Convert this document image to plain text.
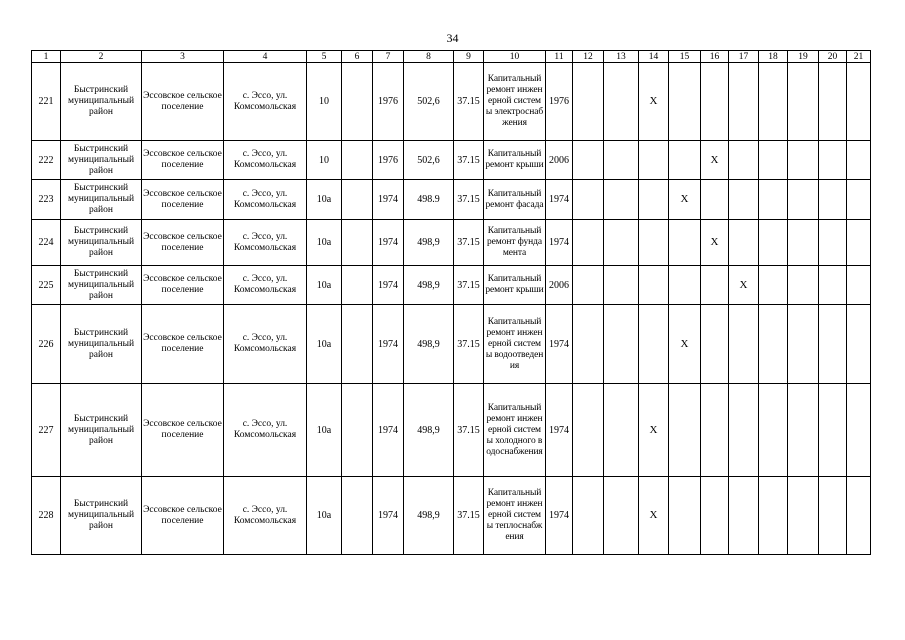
34
1	2	3	4	5	6	7	8	9	10	11	12	13	14	15	16	17	18	19	20	21
221	Быстринский муниципальный район	Эссовское сельское поселение	с. Эссо, ул. Комсомольская	10		1976	502,6	37.15	Капитальный ремонт инженерной системы электроснабжения	1976			X							
222	Быстринский муниципальный район	Эссовское сельское поселение	с. Эссо, ул. Комсомольская	10		1976	502,6	37.15	Капитальный ремонт крыши	2006					X					
223	Быстринский муниципальный район	Эссовское сельское поселение	с. Эссо, ул. Комсомольская	10а		1974	498.9	37.15	Капитальный ремонт фасада	1974				X						
224	Быстринский муниципальный район	Эссовское сельское поселение	с. Эссо, ул. Комсомольская	10а		1974	498,9	37.15	Капитальный ремонт фундамента	1974					X					
225	Быстринский муниципальный район	Эссовское сельское поселение	с. Эссо, ул. Комсомольская	10а		1974	498,9	37.15	Капитальный ремонт крыши	2006						X				
226	Быстринский муниципальный район	Эссовское сельское поселение	с. Эссо, ул. Комсомольская	10а		1974	498,9	37.15	Капитальный ремонт инженерной системы водоотведения	1974				X						
227	Быстринский муниципальный район	Эссовское сельское поселение	с. Эссо, ул. Комсомольская	10а		1974	498,9	37.15	Капитальный ремонт инженерной системы холодного водоснабжения	1974			X							
228	Быстринский муниципальный район	Эссовское сельское поселение	с. Эссо, ул. Комсомольская	10а		1974	498,9	37.15	Капитальный ремонт инженерной системы теплоснабжения	1974			X							
